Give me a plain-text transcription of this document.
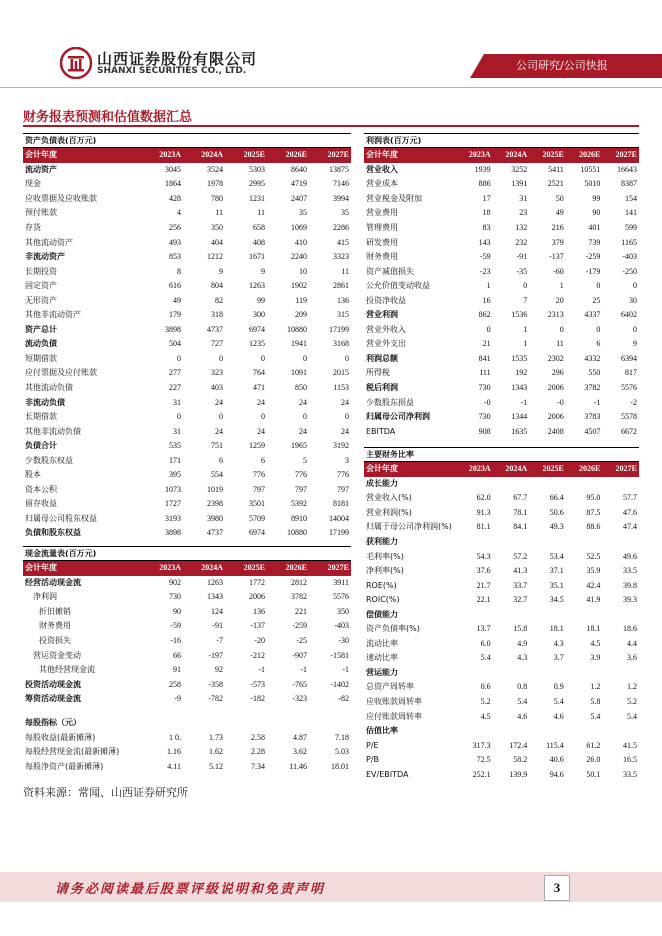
山西证券股份有限公司
SHANXI SECURITIES CO., LTD.	公司研究/公司快报
财务报表预测和估值数据汇总
资产负债表(百万元)
会计年度	2023A	2024A	2025E	2026E	2027E
流动资产	3045	3524	5303	8640	13875
现金	1864	1978	2995	4719	7146
应收票据及应收账款	428	780	1231	2407	3994
预付账款	4	11	11	35	35
存货	256	350	658	1069	2286
其他流动资产	493	404	408	410	415
非流动资产	853	1212	1671	2240	3323
长期投资	8	9	9	10	11
固定资产	616	804	1263	1902	2861
无形资产	49	82	99	119	136
其他非流动资产	179	318	300	209	315
资产总计	3898	4737	6974	10880	17199
流动负债	504	727	1235	1941	3168
短期借款	0	0	0	0	0
应付票据及应付账款	277	323	764	1091	2015
其他流动负债	227	403	471	850	1153
非流动负债	31	24	24	24	24
长期借款	0	0	0	0	0
其他非流动负债	31	24	24	24	24
负债合计	535	751	1259	1965	3192
少数股东权益	171	6	6	5	3
股本	395	554	776	776	776
资本公积	1073	1019	797	797	797
留存收益	1727	2398	3501	5392	8181
归属母公司股东权益	3193	3980	5709	8910	14004
负债和股东权益	3898	4737	6974	10880	17199
现金流量表(百万元)
会计年度	2023A	2024A	2025E	2026E	2027E
经营活动现金流	902	1263	1772	2812	3911
净利润	730	1343	2006	3782	5576
折旧摊销	90	124	136	221	350
财务费用	-59	-91	-137	-259	-403
投资损失	-16	-7	-20	-25	-30
营运资金变动	66	-197	-212	-907	-1581
其他经营现金流	91	92	-1	-1	-1
投资活动现金流	258	-358	-573	-765	-1402
筹资活动现金流	-9	-782	-182	-323	-82
每股指标（元）					
每股收益(最新摊薄)	1 0.	1.73	2.58	4.87	7.18
每股经营现金流(最新摊薄)	1.16	1.62	2.28	3.62	5.03
每股净资产(最新摊薄)	4.11	5.12	7.34	11.46	18.01
利润表(百万元)
会计年度	2023A	2024A	2025E	2026E	2027E
营业收入	1939	3252	5411	10551	16643
营业成本	886	1391	2521	5010	8387
营业税金及附加	17	31	50	99	154
营业费用	18	23	49	90	141
管理费用	83	132	216	401	599
研发费用	143	232	379	739	1165
财务费用	-59	-91	-137	-259	-403
资产减值损失	-23	-35	-60	-179	-250
公允价值变动收益	1	0	1	0	0
投资净收益	16	7	20	25	30
营业利润	862	1536	2313	4337	6402
营业外收入	0	1	0	0	0
营业外支出	21	1	11	6	9
利润总额	841	1535	2302	4332	6394
所得税	111	192	296	550	817
税后利润	730	1343	2006	3782	5576
少数股东损益	-0	-1	-0	-1	-2
归属母公司净利润	730	1344	2006	3783	5578
EBITDA	908	1635	2408	4507	6672
主要财务比率
会计年度	2023A	2024A	2025E	2026E	2027E
成长能力					
营业收入(%)	62.0	67.7	66.4	95.0	57.7
营业利润(%)	91.3	78.1	50.6	87.5	47.6
归属于母公司净利润(%)	81.1	84.1	49.3	88.6	47.4
获利能力					
毛利率(%)	54.3	57.2	53.4	52.5	49.6
净利率(%)	37.6	41.3	37.1	35.9	33.5
ROE(%)	21.7	33.7	35.1	42.4	39.8
ROIC(%)	22.1	32.7	34.5	41.9	39.3
偿债能力					
资产负债率(%)	13.7	15.8	18.1	18.1	18.6
流动比率	6.0	4.9	4.3	4.5	4.4
速动比率	5.4	4.3	3.7	3.9	3.6
营运能力					
总资产周转率	0.6	0.8	0.9	1.2	1.2
应收账款周转率	5.2	5.4	5.4	5.8	5.2
应付账款周转率	4.5	4.6	4.6	5.4	5.4
估值比率					
P/E	317.3	172.4	115.4	61.2	41.5
P/B	72.5	58.2	40.6	26.0	16.5
EV/EBITDA	252.1	139.9	94.6	50.1	33.5
资料来源：常闻、山西证券研究所
请务必阅读最后股票评级说明和免责声明	3
